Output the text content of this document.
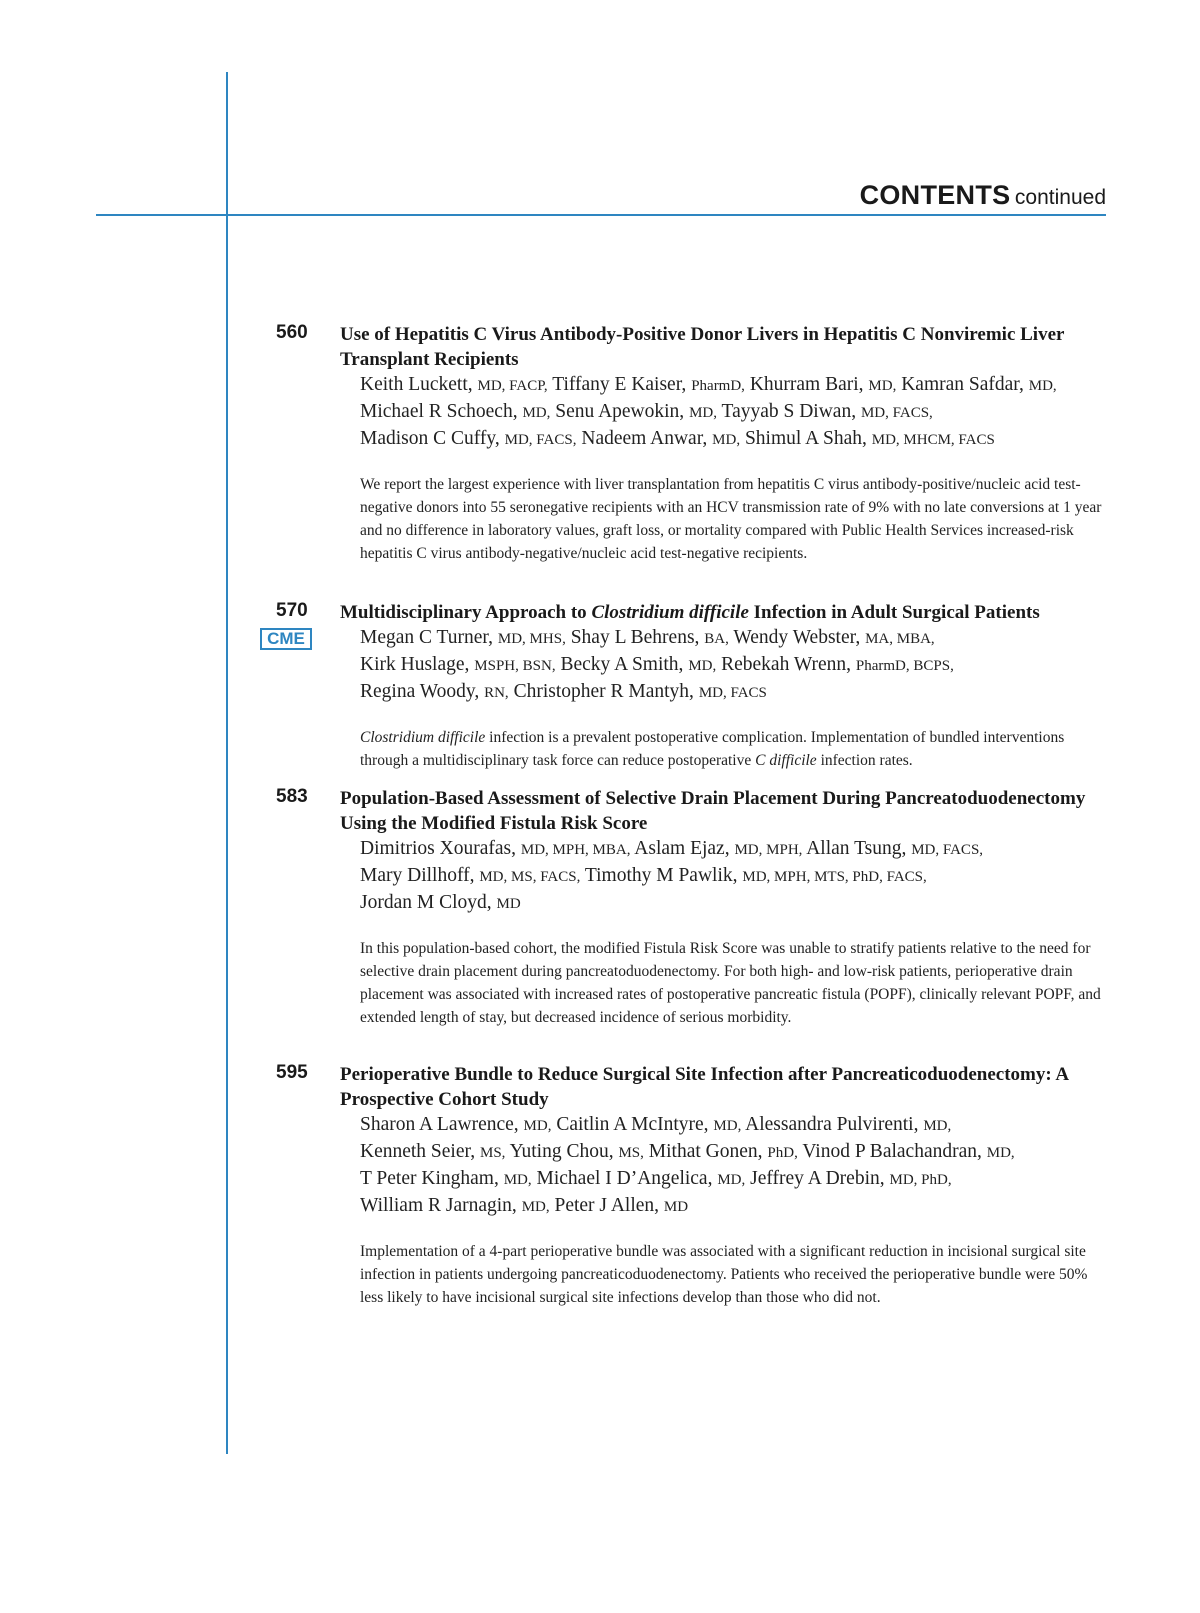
CONTENTS continued
560 Use of Hepatitis C Virus Antibody-Positive Donor Livers in Hepatitis C Nonviremic Liver Transplant Recipients
Keith Luckett, MD, FACP, Tiffany E Kaiser, PharmD, Khurram Bari, MD, Kamran Safdar, MD,
Michael R Schoech, MD, Senu Apewokin, MD, Tayyab S Diwan, MD, FACS,
Madison C Cuffy, MD, FACS, Nadeem Anwar, MD, Shimul A Shah, MD, MHCM, FACS
We report the largest experience with liver transplantation from hepatitis C virus antibody-positive/nucleic acid test-negative donors into 55 seronegative recipients with an HCV transmission rate of 9% with no late conversions at 1 year and no difference in laboratory values, graft loss, or mortality compared with Public Health Services increased-risk hepatitis C virus antibody-negative/nucleic acid test-negative recipients.
570
CME
Multidisciplinary Approach to Clostridium difficile Infection in Adult Surgical Patients
Megan C Turner, MD, MHS, Shay L Behrens, BA, Wendy Webster, MA, MBA,
Kirk Huslage, MSPH, BSN, Becky A Smith, MD, Rebekah Wrenn, PharmD, BCPS,
Regina Woody, RN, Christopher R Mantyh, MD, FACS
Clostridium difficile infection is a prevalent postoperative complication. Implementation of bundled interventions through a multidisciplinary task force can reduce postoperative C difficile infection rates.
583 Population-Based Assessment of Selective Drain Placement During Pancreatoduodenectomy Using the Modified Fistula Risk Score
Dimitrios Xourafas, MD, MPH, MBA, Aslam Ejaz, MD, MPH, Allan Tsung, MD, FACS,
Mary Dillhoff, MD, MS, FACS, Timothy M Pawlik, MD, MPH, MTS, PhD, FACS,
Jordan M Cloyd, MD
In this population-based cohort, the modified Fistula Risk Score was unable to stratify patients relative to the need for selective drain placement during pancreatoduodenectomy. For both high- and low-risk patients, perioperative drain placement was associated with increased rates of postoperative pancreatic fistula (POPF), clinically relevant POPF, and extended length of stay, but decreased incidence of serious morbidity.
595 Perioperative Bundle to Reduce Surgical Site Infection after Pancreaticoduodenectomy: A Prospective Cohort Study
Sharon A Lawrence, MD, Caitlin A McIntyre, MD, Alessandra Pulvirenti, MD,
Kenneth Seier, MS, Yuting Chou, MS, Mithat Gonen, PhD, Vinod P Balachandran, MD,
T Peter Kingham, MD, Michael I D’Angelica, MD, Jeffrey A Drebin, MD, PhD,
William R Jarnagin, MD, Peter J Allen, MD
Implementation of a 4-part perioperative bundle was associated with a significant reduction in incisional surgical site infection in patients undergoing pancreaticoduodenectomy. Patients who received the perioperative bundle were 50% less likely to have incisional surgical site infections develop than those who did not.
